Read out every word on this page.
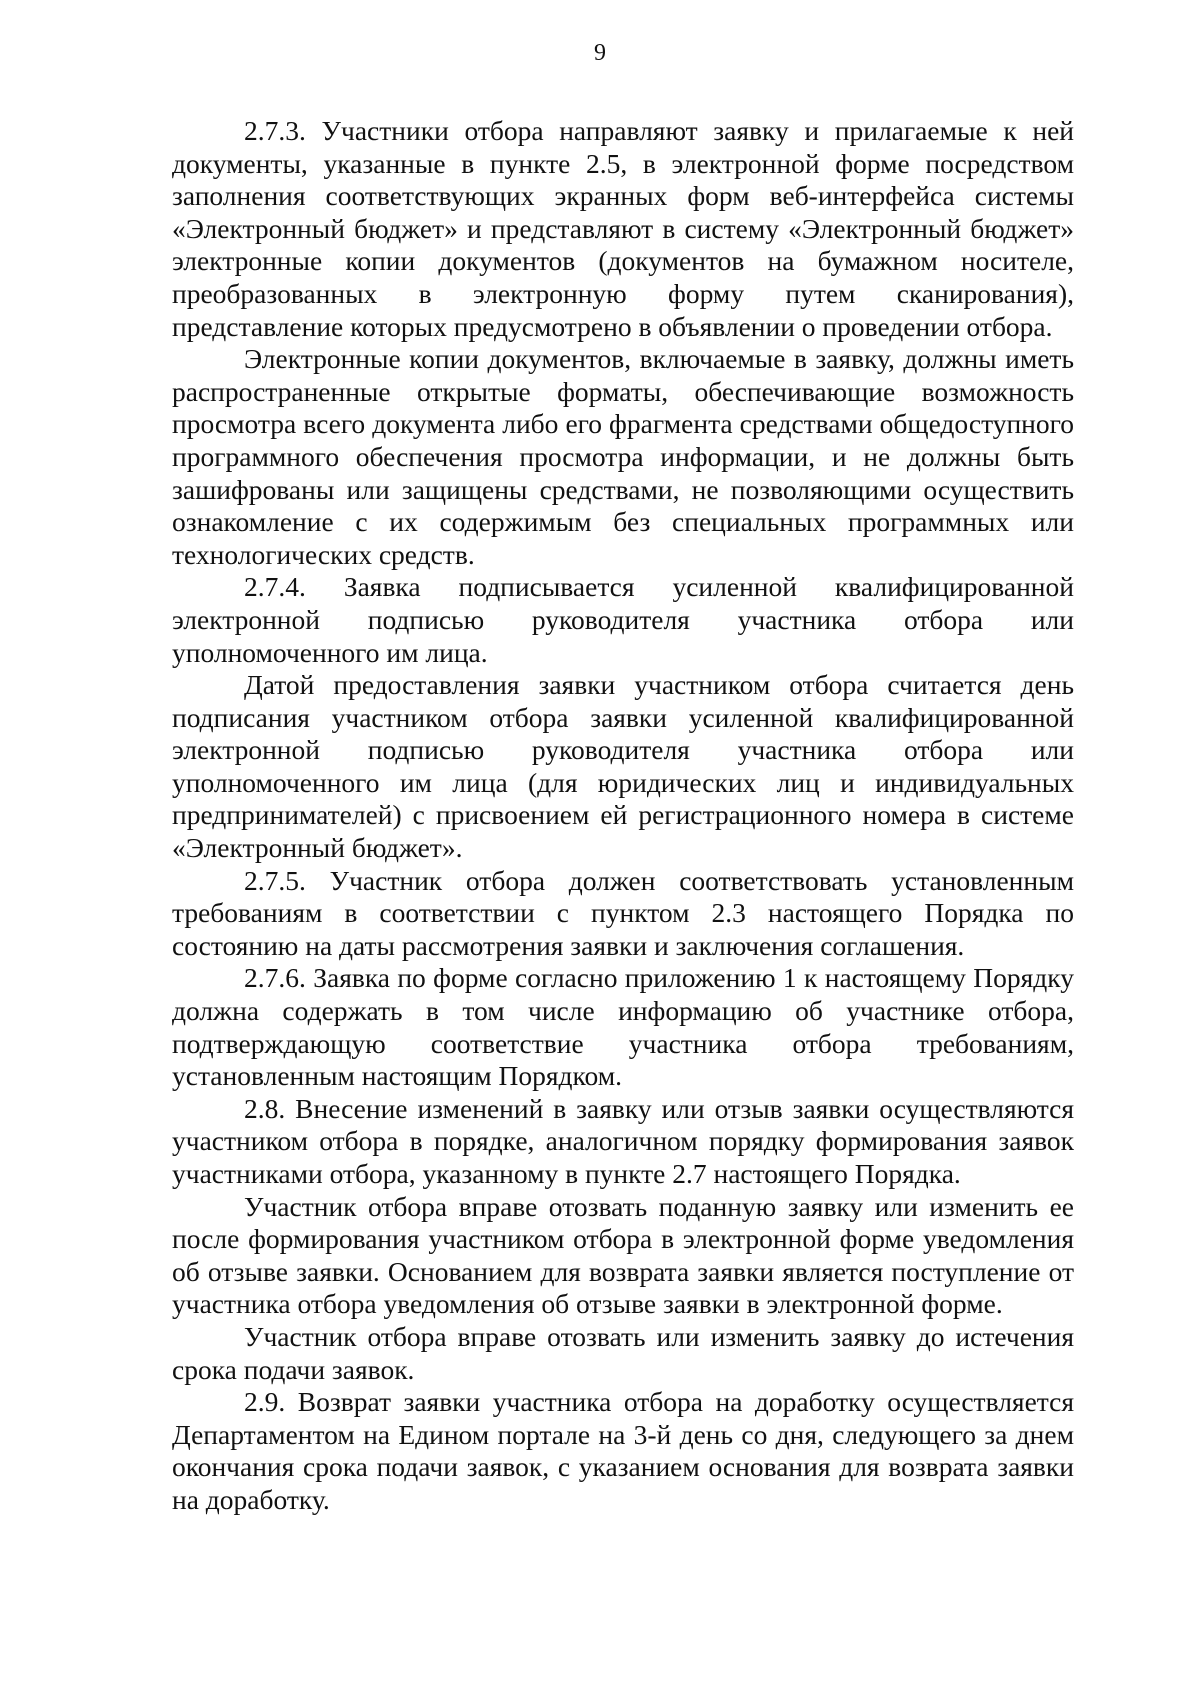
9

2.7.3. Участники отбора направляют заявку и прилагаемые к ней документы, указанные в пункте 2.5, в электронной форме посредством заполнения соответствующих экранных форм веб-интерфейса системы «Электронный бюджет» и представляют в систему «Электронный бюджет» электронные копии документов (документов на бумажном носителе, преобразованных в электронную форму путем сканирования), представление которых предусмотрено в объявлении о проведении отбора.

Электронные копии документов, включаемые в заявку, должны иметь распространенные открытые форматы, обеспечивающие возможность просмотра всего документа либо его фрагмента средствами общедоступного программного обеспечения просмотра информации, и не должны быть зашифрованы или защищены средствами, не позволяющими осуществить ознакомление с их содержимым без специальных программных или технологических средств.

2.7.4. Заявка подписывается усиленной квалифицированной электронной подписью руководителя участника отбора или уполномоченного им лица.

Датой предоставления заявки участником отбора считается день подписания участником отбора заявки усиленной квалифицированной электронной подписью руководителя участника отбора или уполномоченного им лица (для юридических лиц и индивидуальных предпринимателей) с присвоением ей регистрационного номера в системе «Электронный бюджет».

2.7.5. Участник отбора должен соответствовать установленным требованиям в соответствии с пунктом 2.3 настоящего Порядка по состоянию на даты рассмотрения заявки и заключения соглашения.

2.7.6. Заявка по форме согласно приложению 1 к настоящему Порядку должна содержать в том числе информацию об участнике отбора, подтверждающую соответствие участника отбора требованиям, установленным настоящим Порядком.

2.8. Внесение изменений в заявку или отзыв заявки осуществляются участником отбора в порядке, аналогичном порядку формирования заявок участниками отбора, указанному в пункте 2.7 настоящего Порядка.

Участник отбора вправе отозвать поданную заявку или изменить ее после формирования участником отбора в электронной форме уведомления об отзыве заявки. Основанием для возврата заявки является поступление от участника отбора уведомления об отзыве заявки в электронной форме.

Участник отбора вправе отозвать или изменить заявку до истечения срока подачи заявок.

2.9. Возврат заявки участника отбора на доработку осуществляется Департаментом на Едином портале на 3-й день со дня, следующего за днем окончания срока подачи заявок, с указанием основания для возврата заявки на доработку.
